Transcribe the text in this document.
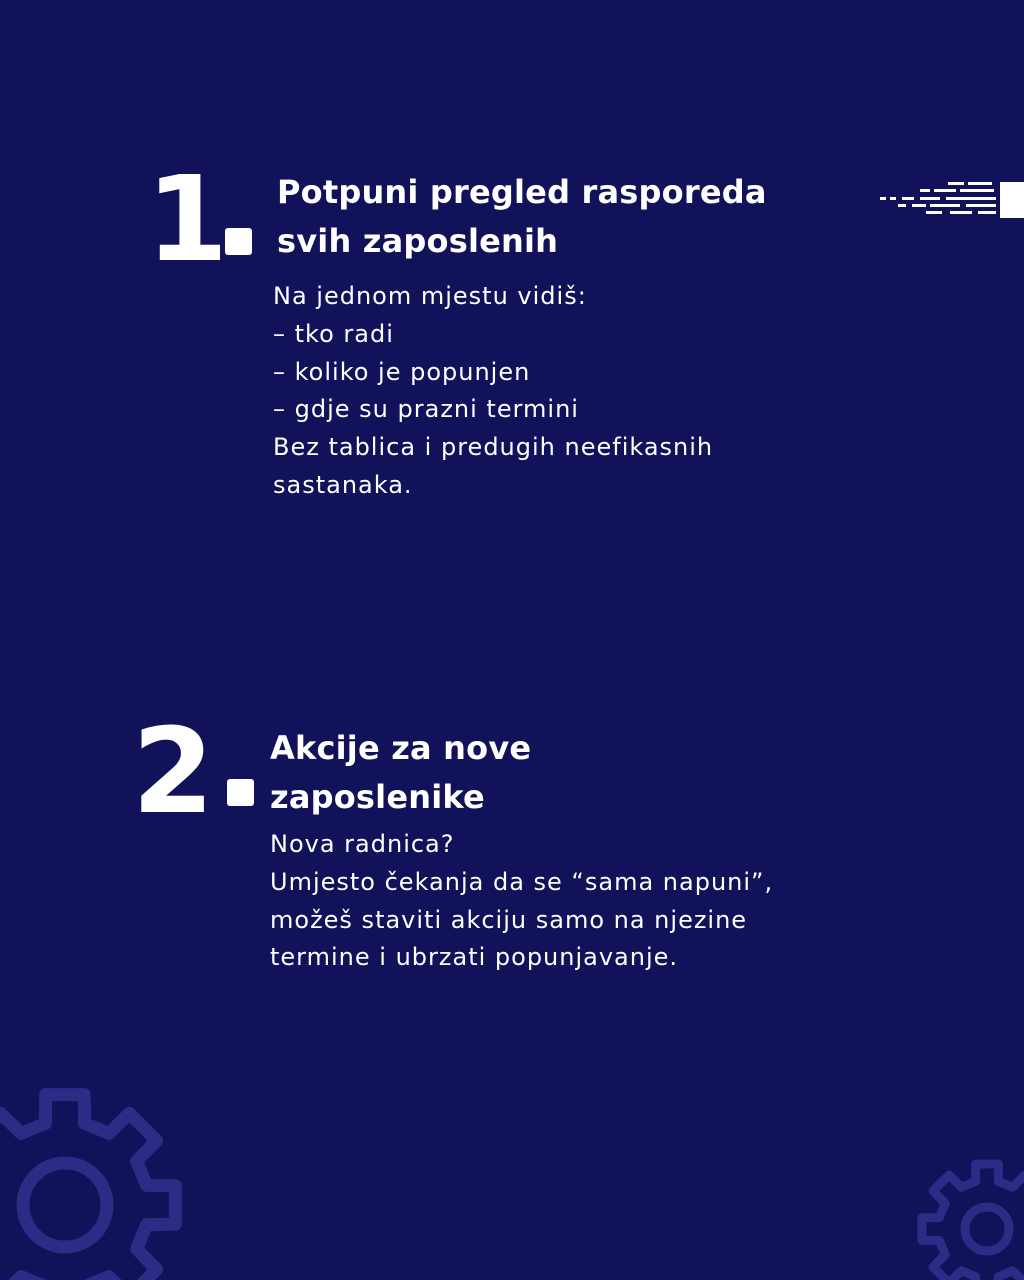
1 Potpuni pregled rasporeda
svih zaposlenih
Na jednom mjestu vidiš:
– tko radi
– koliko je popunjen
– gdje su prazni termini
Bez tablica i predugih neefikasnih
sastanaka.
2 Akcije za nove
zaposlenike
Nova radnica?
Umjesto čekanja da se “sama napuni”,
možeš staviti akciju samo na njezine
termine i ubrzati popunjavanje.
